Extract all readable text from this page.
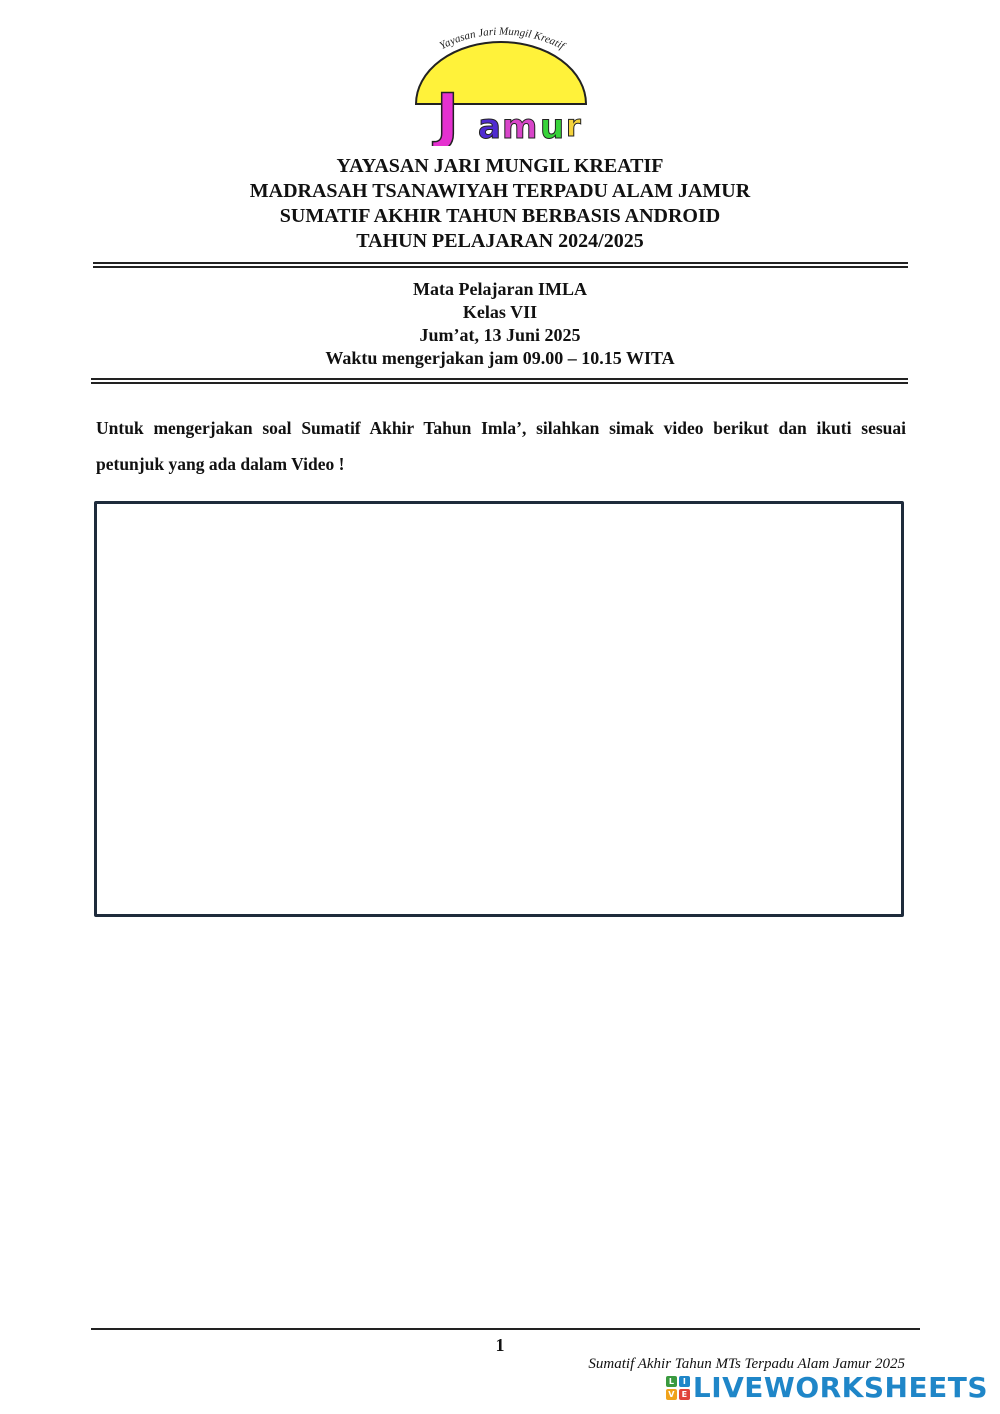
Yayasan Jari Mungil Kreatif
J a m u r
YAYASAN JARI MUNGIL KREATIF
MADRASAH TSANAWIYAH TERPADU ALAM JAMUR
SUMATIF AKHIR TAHUN BERBASIS ANDROID
TAHUN PELAJARAN 2024/2025
Mata Pelajaran IMLA
Kelas VII
Jum’at, 13 Juni 2025
Waktu mengerjakan jam 09.00 – 10.15 WITA
Untuk mengerjakan soal Sumatif Akhir Tahun Imla’, silahkan simak video berikut dan ikuti sesuai petunjuk yang ada dalam Video !
1
Sumatif Akhir Tahun MTs Terpadu Alam Jamur 2025
L	I
V E LIVEWORKSHEETS
